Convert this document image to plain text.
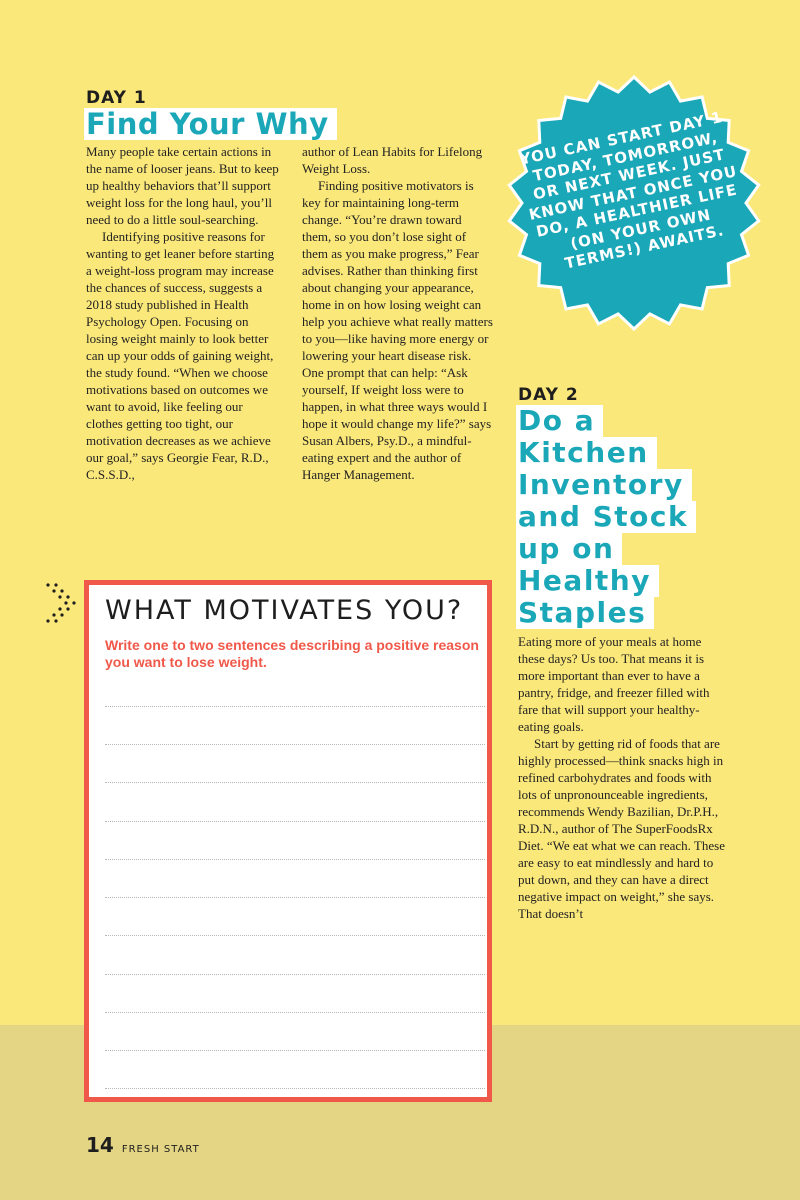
DAY 1
Find Your Why

Many people take certain actions in the name of looser jeans. But to keep up healthy behaviors that’ll support weight loss for the long haul, you’ll need to do a little soul-searching.

Identifying positive reasons for wanting to get leaner before starting a weight-loss program may increase the chances of success, suggests a 2018 study published in Health Psychology Open. Focusing on losing weight mainly to look better can up your odds of gaining weight, the study found. “When we choose motivations based on outcomes we want to avoid, like feeling our clothes getting too tight, our motivation decreases as we achieve our goal,” says Georgie Fear, R.D., C.S.S.D.,

author of Lean Habits for Lifelong Weight Loss.

Finding positive motivators is key for maintaining long-term change. “You’re drawn toward them, so you don’t lose sight of them as you make progress,” Fear advises. Rather than thinking first about changing your appearance, home in on how losing weight can help you achieve what really matters to you—like having more energy or lowering your heart disease risk. One prompt that can help: “Ask yourself, If weight loss were to happen, in what three ways would I hope it would change my life?” says Susan Albers, Psy.D., a mindful-eating expert and the author of Hanger Management.

YOU CAN START DAY 1 TODAY, TOMORROW, OR NEXT WEEK. JUST KNOW THAT ONCE YOU DO, A HEALTHIER LIFE (ON YOUR OWN TERMS!) AWAITS.
DAY 2
Do a
Kitchen
Inventory
and Stock
up on
Healthy
Staples

Eating more of your meals at home these days? Us too. That means it is more important than ever to have a pantry, fridge, and freezer filled with fare that will support your healthy-eating goals.

Start by getting rid of foods that are highly processed—think snacks high in refined carbohydrates and foods with lots of unpronounceable ingredients, recommends Wendy Bazilian, Dr.P.H., R.D.N., author of The SuperFoodsRx Diet. “We eat what we can reach. These are easy to eat mindlessly and hard to put down, and they can have a direct negative impact on weight,” she says. That doesn’t

WHAT MOTIVATES YOU?
Write one to two sentences describing a positive reason you want to lose weight.
14 FRESH START
